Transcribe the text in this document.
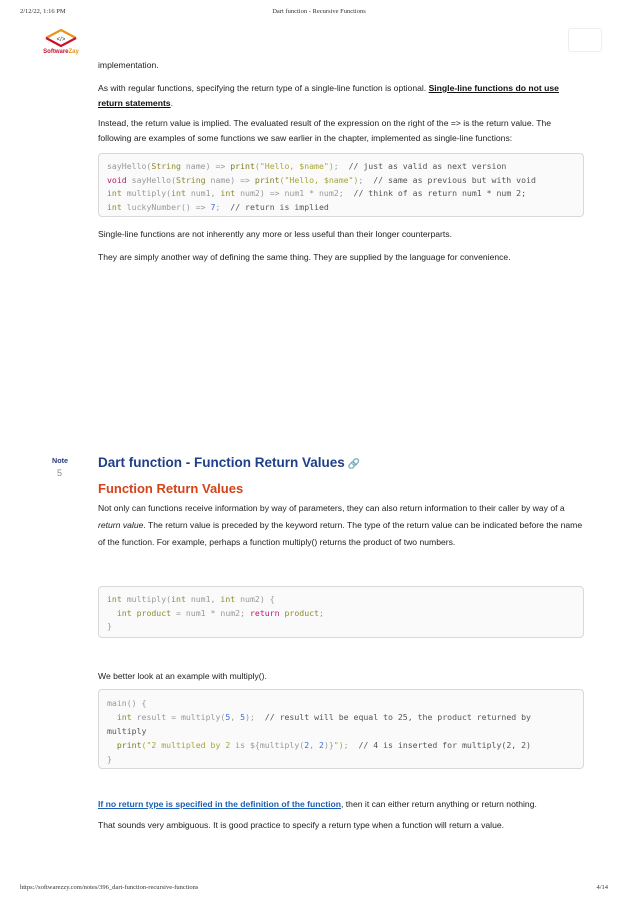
2/12/22, 1:16 PM	Dart function - Recursive Functions
</>
SoftwareZay

implementation.

As with regular functions, specifying the return type of a single-line function is optional. Single-line functions do not use return statements.

Instead, the return value is implied. The evaluated result of the expression on the right of the => is the return value. The following are examples of some functions we saw earlier in the chapter, implemented as single-line functions:

sayHello(String name) => print("Hello, $name");  // just as valid as next version
void sayHello(String name) => print("Hello, $name");  // same as previous but with void
int multiply(int num1, int num2) => num1 * num2;  // think of as return num1 * num 2;
int luckyNumber() => 7;  // return is implied

Single-line functions are not inherently any more or less useful than their longer counterparts.

They are simply another way of defining the same thing. They are supplied by the language for convenience.

Note
5
Dart function - Function Return Values 🔗
Function Return Values

Not only can functions receive information by way of parameters, they can also return information to their caller by way of a return value. The return value is preceded by the keyword return. The type of the return value can be indicated before the name of the function. For example, perhaps a function multiply() returns the product of two numbers.

int multiply(int num1, int num2) {
int product = num1 * num2; return product;
}

We better look at an example with multiply().

main() {
int result = multiply(5, 5);  // result will be equal to 25, the product returned by
multiply
print("2 multipled by 2 is ${multiply(2, 2)}");  // 4 is inserted for multiply(2, 2)
}

If no return type is specified in the definition of the function, then it can either return anything or return nothing.

That sounds very ambiguous. It is good practice to specify a return type when a function will return a value.

https://softwarezzy.com/notes/396_dart-function-recursive-functions	4/14
